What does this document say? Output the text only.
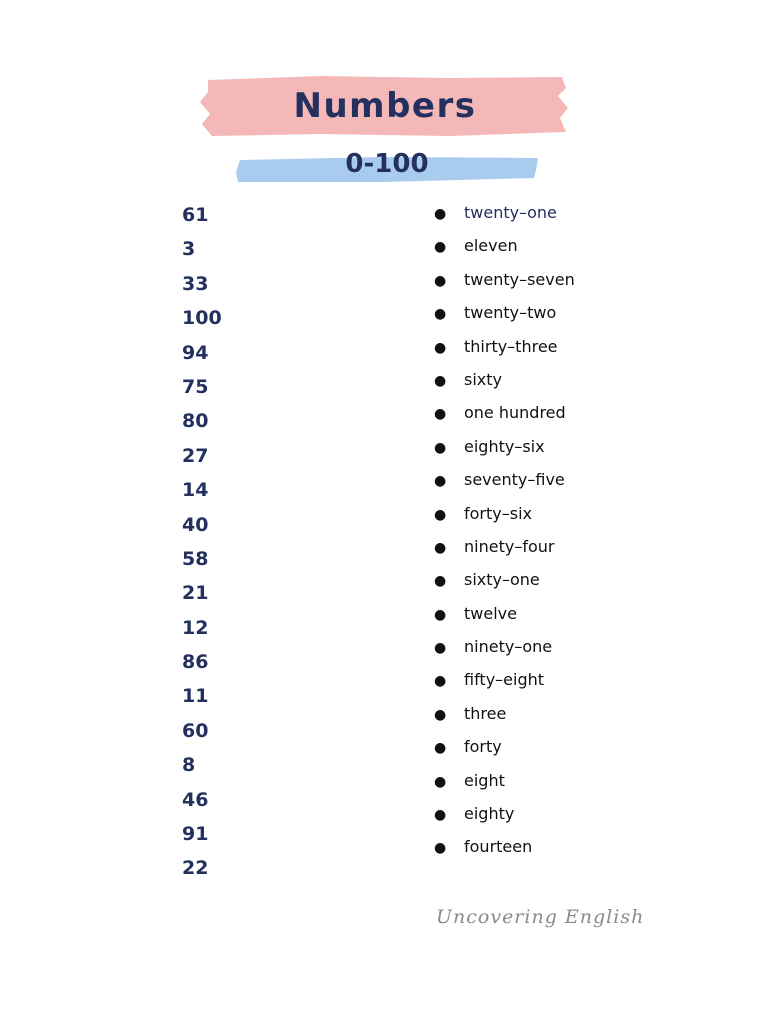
Numbers
0-100
61
3
33
100
94
75
80
27
14
40
58
21
12
86
11
60
8
46
91
22
● twenty–one
● eleven
● twenty–seven
● twenty–two
● thirty–three
● sixty
● one hundred
● eighty–six
● seventy–five
● forty–six
● ninety–four
● sixty–one
● twelve
● ninety–one
● fifty–eight
● three
● forty
● eight
● eighty
● fourteen
Uncovering English
